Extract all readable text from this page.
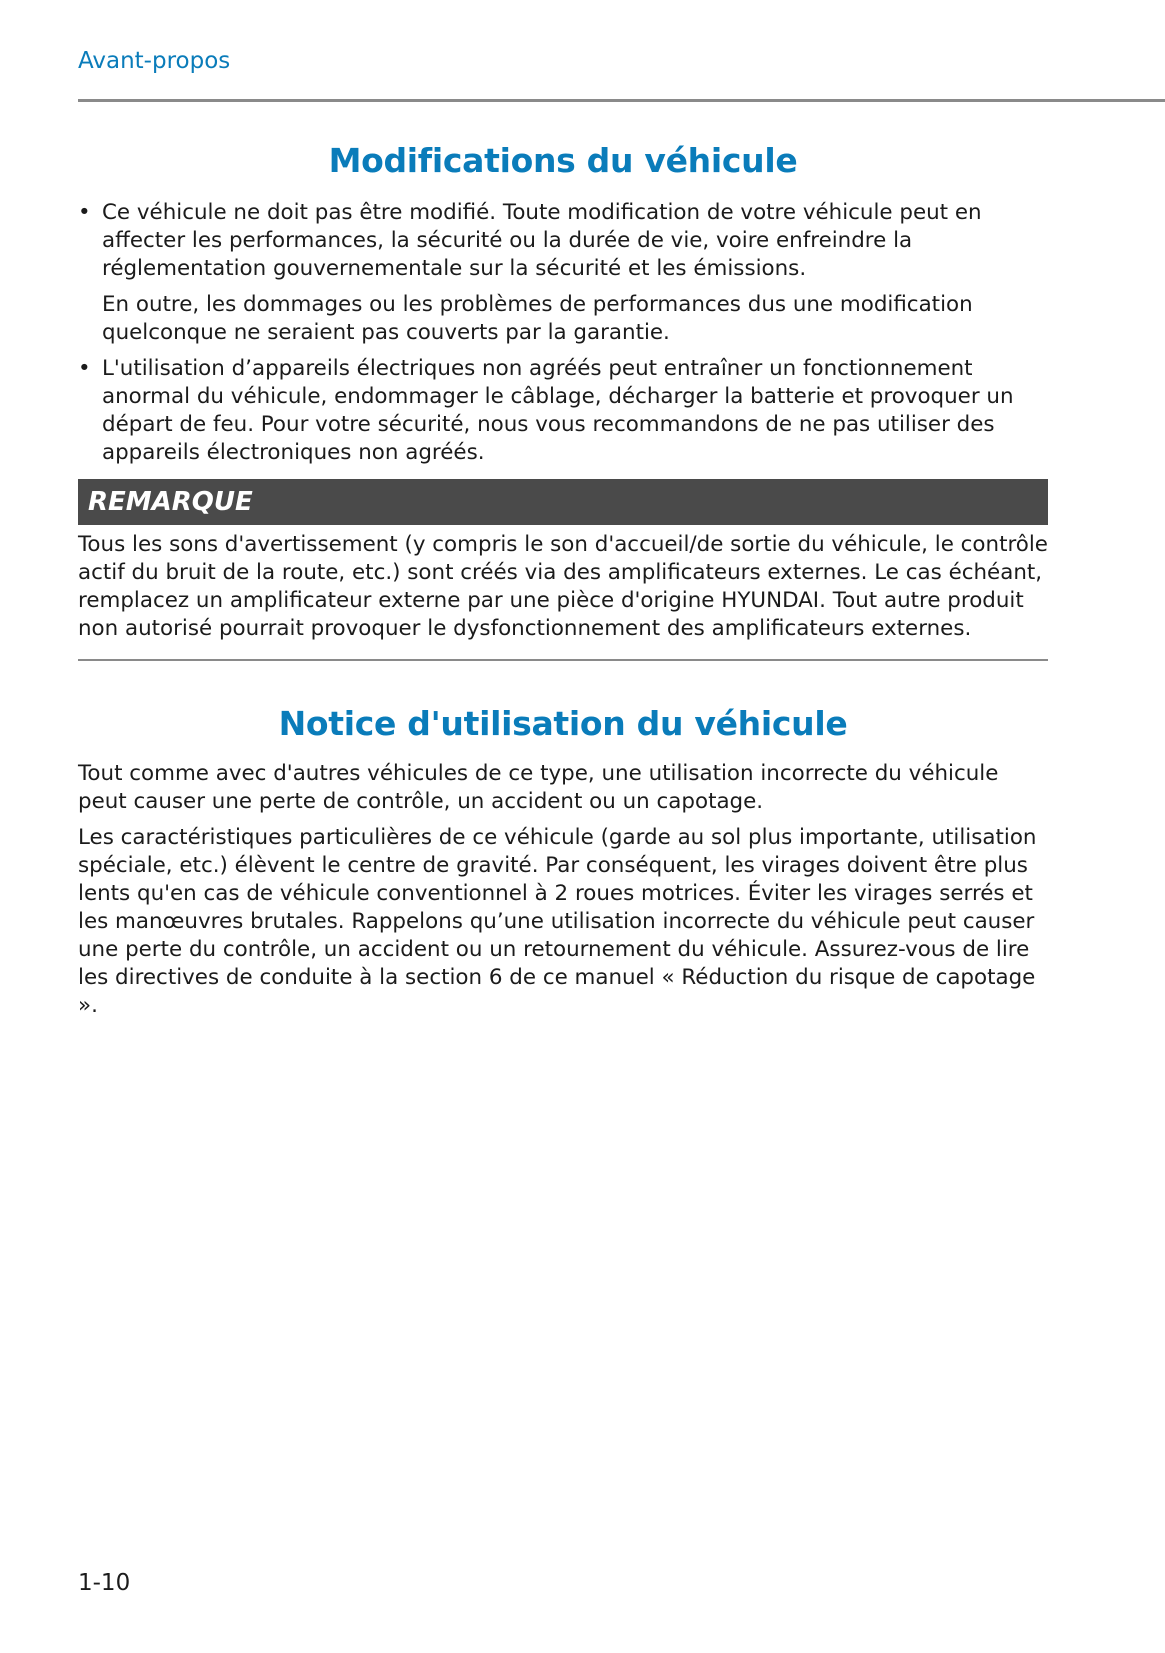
Avant-propos
Modifications du véhicule
• Ce véhicule ne doit pas être modifié. Toute modification de votre véhicule peut en affecter les performances, la sécurité ou la durée de vie, voire enfreindre la réglementation gouvernementale sur la sécurité et les émissions.

En outre, les dommages ou les problèmes de performances dus une modification quelconque ne seraient pas couverts par la garantie.

• L'utilisation d’appareils électriques non agréés peut entraîner un fonctionnement anormal du véhicule, endommager le câblage, décharger la batterie et provoquer un départ de feu. Pour votre sécurité, nous vous recommandons de ne pas utiliser des appareils électroniques non agréés.

REMARQUE

Tous les sons d'avertissement (y compris le son d'accueil/de sortie du véhicule, le contrôle actif du bruit de la route, etc.) sont créés via des amplificateurs externes. Le cas échéant, remplacez un amplificateur externe par une pièce d'origine HYUNDAI. Tout autre produit non autorisé pourrait provoquer le dysfonctionnement des amplificateurs externes.

Notice d'utilisation du véhicule

Tout comme avec d'autres véhicules de ce type, une utilisation incorrecte du véhicule peut causer une perte de contrôle, un accident ou un capotage.

Les caractéristiques particulières de ce véhicule (garde au sol plus importante, utilisation spéciale, etc.) élèvent le centre de gravité. Par conséquent, les virages doivent être plus lents qu'en cas de véhicule conventionnel à 2 roues motrices. Éviter les virages serrés et les manœuvres brutales. Rappelons qu’une utilisation incorrecte du véhicule peut causer une perte du contrôle, un accident ou un retournement du véhicule. Assurez-vous de lire les directives de conduite à la section 6 de ce manuel « Réduction du risque de capotage ».

1-10
